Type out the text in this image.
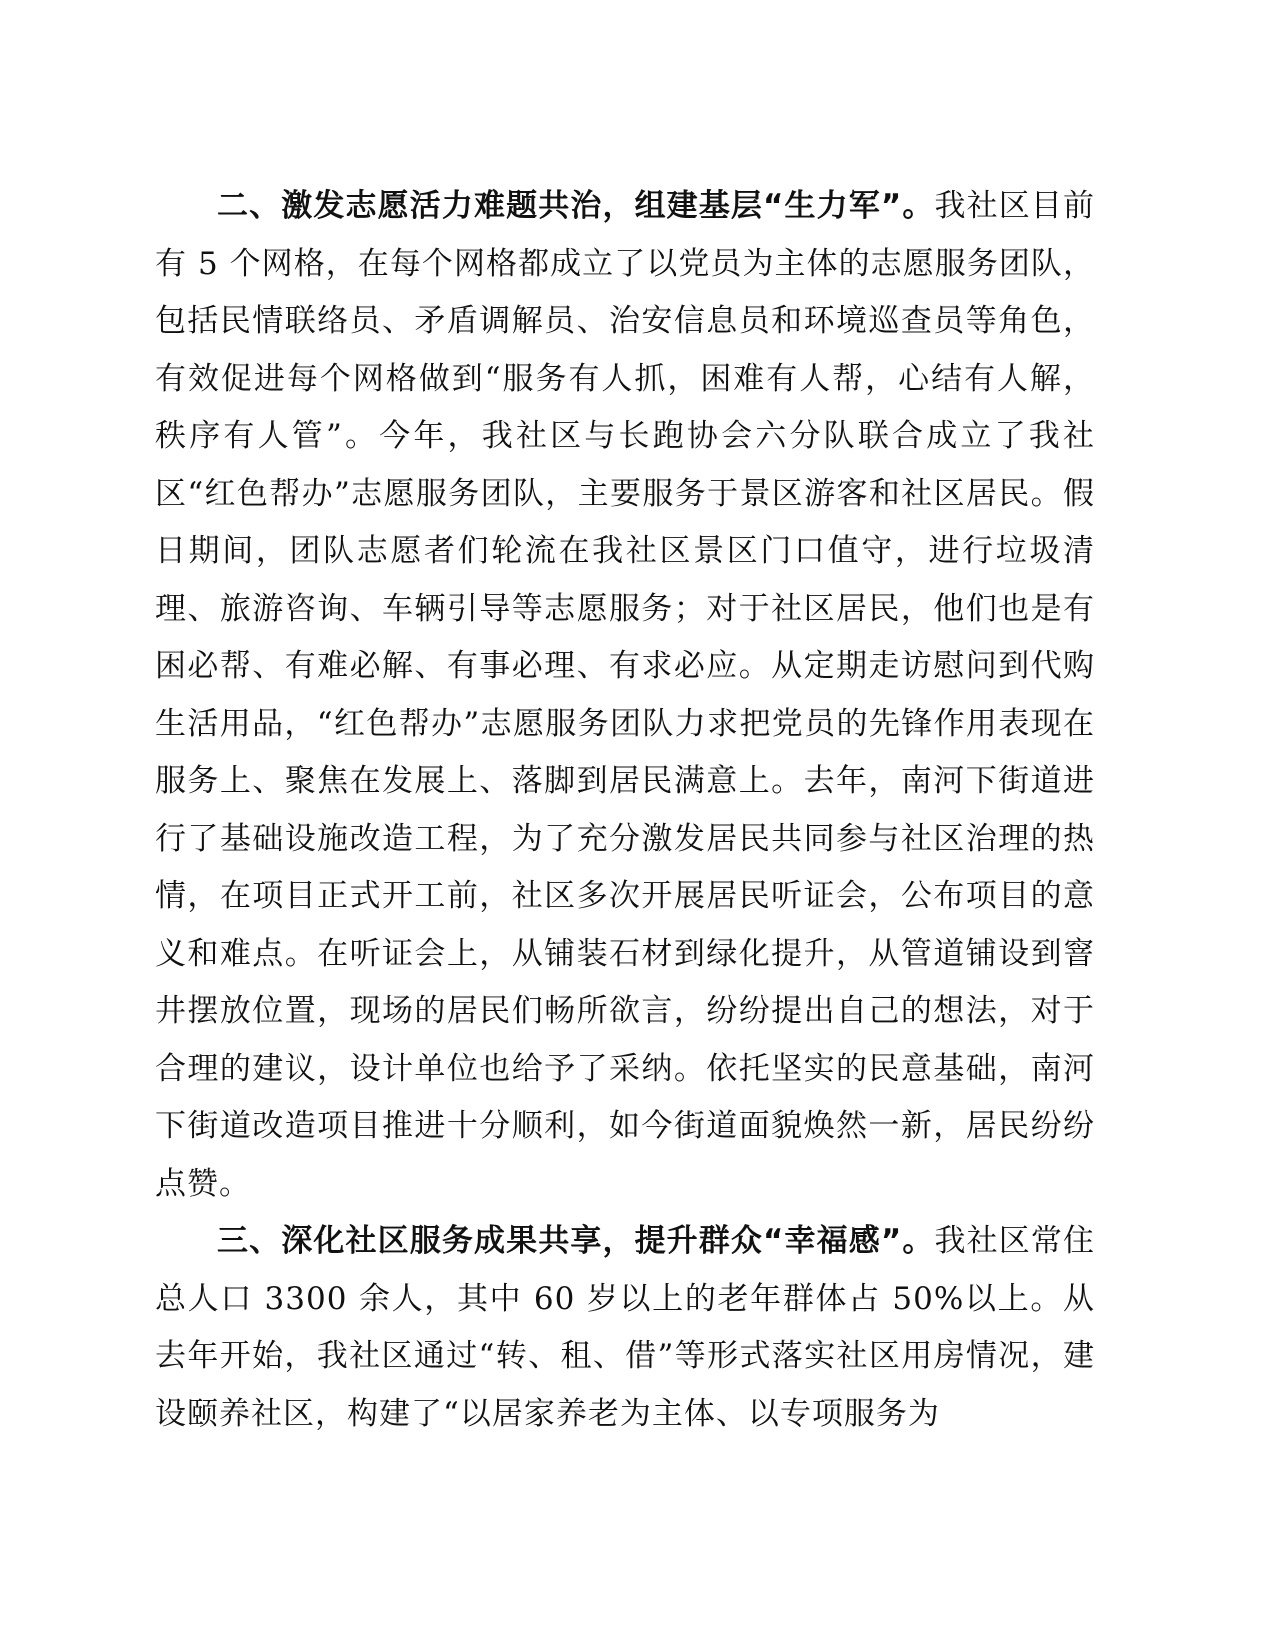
二、激发志愿活力难题共治，组建基层“生力军”。我社区目前有 5 个网格，在每个网格都成立了以党员为主体的志愿服务团队，包括民情联络员、矛盾调解员、治安信息员和环境巡查员等角色，有效促进每个网格做到“服务有人抓，困难有人帮，心结有人解，秩序有人管”。今年，我社区与长跑协会六分队联合成立了我社区“红色帮办”志愿服务团队，主要服务于景区游客和社区居民。假日期间，团队志愿者们轮流在我社区景区门口值守，进行垃圾清理、旅游咨询、车辆引导等志愿服务；对于社区居民，他们也是有困必帮、有难必解、有事必理、有求必应。从定期走访慰问到代购生活用品，“红色帮办”志愿服务团队力求把党员的先锋作用表现在服务上、聚焦在发展上、落脚到居民满意上。去年，南河下街道进行了基础设施改造工程，为了充分激发居民共同参与社区治理的热情，在项目正式开工前，社区多次开展居民听证会，公布项目的意义和难点。在听证会上，从铺装石材到绿化提升，从管道铺设到窨井摆放位置，现场的居民们畅所欲言，纷纷提出自己的想法，对于合理的建议，设计单位也给予了采纳。依托坚实的民意基础，南河下街道改造项目推进十分顺利，如今街道面貌焕然一新，居民纷纷点赞。

三、深化社区服务成果共享，提升群众“幸福感”。我社区常住总人口 3300 余人，其中 60 岁以上的老年群体占 50%以上。从去年开始，我社区通过“转、租、借”等形式落实社区用房情况，建设颐养社区，构建了“以居家养老为主体、以专项服务为
